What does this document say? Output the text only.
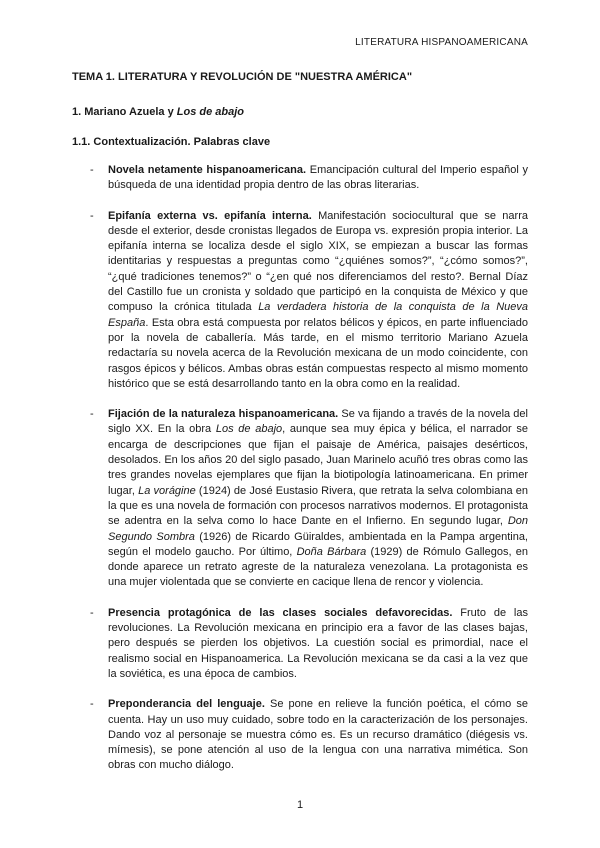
LITERATURA HISPANOAMERICANA
TEMA 1. LITERATURA Y REVOLUCIÓN DE "NUESTRA AMÉRICA"
1. Mariano Azuela y Los de abajo
1.1. Contextualización. Palabras clave
-	Novela netamente hispanoamericana. Emancipación cultural del Imperio español y búsqueda de una identidad propia dentro de las obras literarias.
-	Epifanía externa vs. epifanía interna. Manifestación sociocultural que se narra desde el exterior, desde cronistas llegados de Europa vs. expresión propia interior. La epifanía interna se localiza desde el siglo XIX, se empiezan a buscar las formas identitarias y respuestas a preguntas como “¿quiénes somos?”, “¿cómo somos?”, “¿qué tradiciones tenemos?” o “¿en qué nos diferenciamos del resto?. Bernal Díaz del Castillo fue un cronista y soldado que participó en la conquista de México y que compuso la crónica titulada La verdadera historia de la conquista de la Nueva España. Esta obra está compuesta por relatos bélicos y épicos, en parte influenciado por la novela de caballería. Más tarde, en el mismo territorio Mariano Azuela redactaría su novela acerca de la Revolución mexicana de un modo coincidente, con rasgos épicos y bélicos. Ambas obras están compuestas respecto al mismo momento histórico que se está desarrollando tanto en la obra como en la realidad.
-	Fijación de la naturaleza hispanoamericana. Se va fijando a través de la novela del siglo XX. En la obra Los de abajo, aunque sea muy épica y bélica, el narrador se encarga de descripciones que fijan el paisaje de América, paisajes desérticos, desolados. En los años 20 del siglo pasado, Juan Marinelo acuñó tres obras como las tres grandes novelas ejemplares que fijan la biotipología latinoamericana. En primer lugar, La vorágine (1924) de José Eustasio Rivera, que retrata la selva colombiana en la que es una novela de formación con procesos narrativos modernos. El protagonista se adentra en la selva como lo hace Dante en el Infierno. En segundo lugar, Don Segundo Sombra (1926) de Ricardo Güiraldes, ambientada en la Pampa argentina, según el modelo gaucho. Por último, Doña Bárbara (1929) de Rómulo Gallegos, en donde aparece un retrato agreste de la naturaleza venezolana. La protagonista es una mujer violentada que se convierte en cacique llena de rencor y violencia.
-	Presencia protagónica de las clases sociales defavorecidas. Fruto de las revoluciones. La Revolución mexicana en principio era a favor de las clases bajas, pero después se pierden los objetivos. La cuestión social es primordial, nace el realismo social en Hispanoamerica. La Revolución mexicana se da casi a la vez que la soviética, es una época de cambios.
-	Preponderancia del lenguaje. Se pone en relieve la función poética, el cómo se cuenta. Hay un uso muy cuidado, sobre todo en la caracterización de los personajes. Dando voz al personaje se muestra cómo es. Es un recurso dramático (diégesis vs. mímesis), se pone atención al uso de la lengua con una narrativa mimética. Son obras con mucho diálogo.
1
